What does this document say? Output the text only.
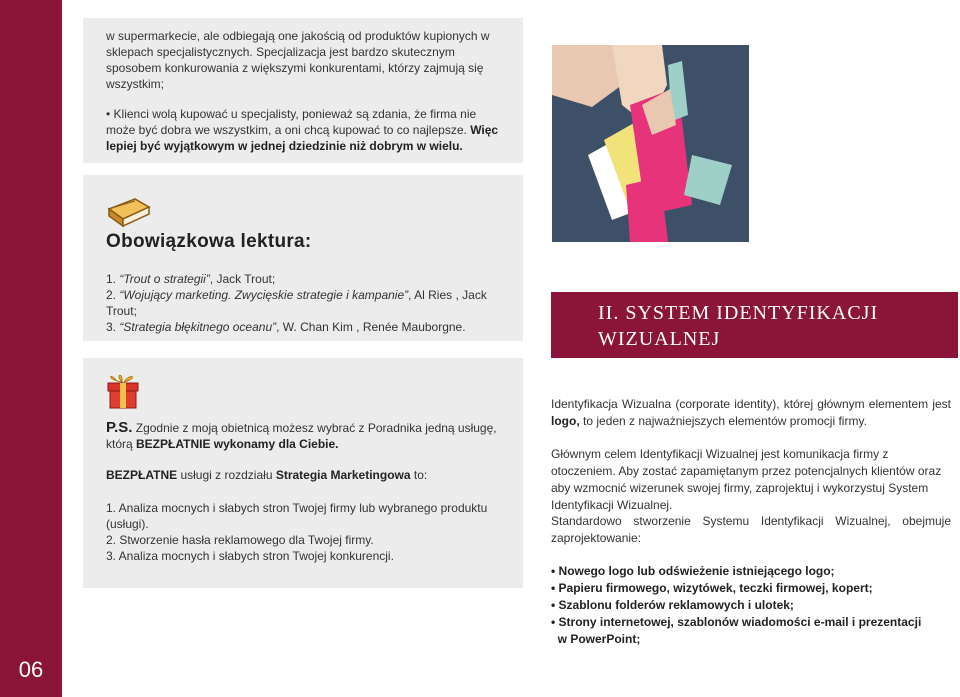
06

w supermarkecie, ale odbiegają one jakością od produktów kupionych w sklepach specjalistycznych. Specjalizacja jest bardzo skutecznym sposobem konkurowania z większymi konkurentami, którzy zajmują się wszystkim;

• Klienci wolą kupować u specjalisty, ponieważ są zdania, że firma nie może być dobra we wszystkim, a oni chcą kupować to co najlepsze. Więc lepiej być wyjątkowym w jednej dziedzinie niż dobrym w wielu.

Obowiązkowa lektura:

1. “Trout o strategii”, Jack Trout;

2. “Wojujący marketing. Zwycięskie strategie i kampanie”, Al Ries , Jack Trout;

3. “Strategia błękitnego oceanu”, W. Chan Kim , Renée Mauborgne.

P.S. Zgodnie z moją obietnicą możesz wybrać z Poradnika jedną usługę, którą BEZPŁATNIE wykonamy dla Ciebie.

BEZPŁATNE usługi z rozdziału Strategia Marketingowa to:

1. Analiza mocnych i słabych stron Twojej firmy lub wybranego produktu (usługi).

2. Stworzenie hasła reklamowego dla Twojej firmy.

3. Analiza mocnych i słabych stron Twojej konkurencji.

II. SYSTEM IDENTYFIKACJI
WIZUALNEJ
Identyfikacja Wizualna (corporate identity), której głównym elementem jest logo, to jeden z najważniejszych elementów promocji firmy.
Głównym celem Identyfikacji Wizualnej jest komunikacja firmy z otoczeniem. Aby zostać zapamiętanym przez potencjalnych klientów oraz aby wzmocnić wizerunek swojej firmy, zaprojektuj i wykorzystuj System Identyfikacji Wizualnej.
Standardowo stworzenie Systemu Identyfikacji Wizualnej, obejmuje zaprojektowanie:
• Nowego logo lub odświeżenie istniejącego logo;
• Papieru firmowego, wizytówek, teczki firmowej, kopert;
• Szablonu folderów reklamowych i ulotek;
• Strony internetowej, szablonów wiadomości e-mail i prezentacji
w PowerPoint;
